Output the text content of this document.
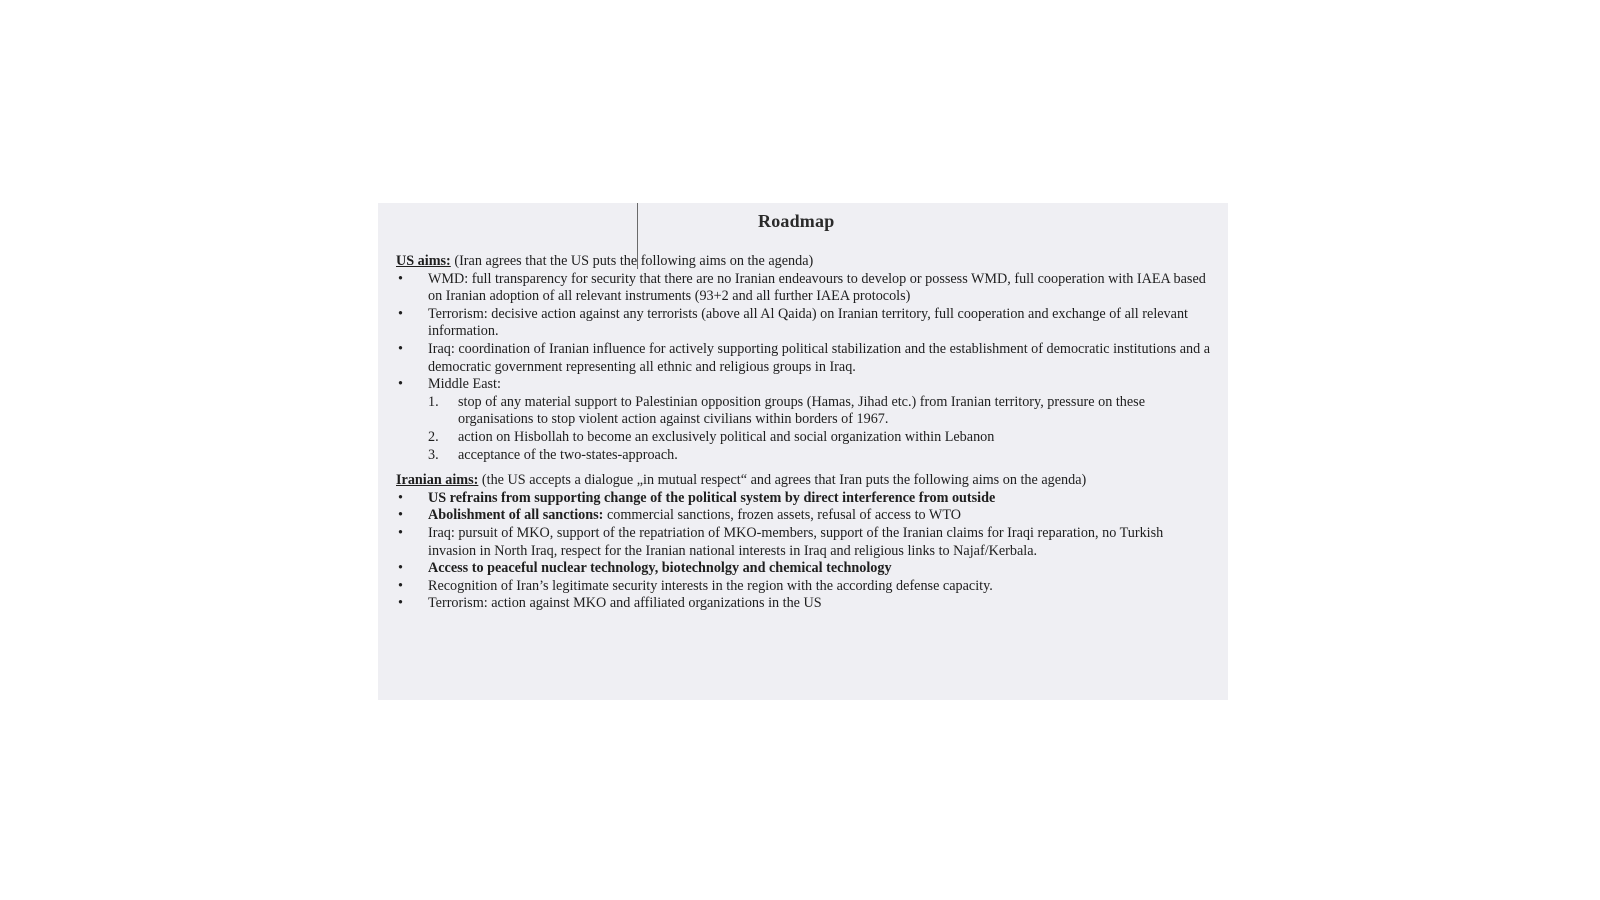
Roadmap

US aims: (Iran agrees that the US puts the following aims on the agenda)

• WMD: full transparency for security that there are no Iranian endeavours to develop or possess WMD, full cooperation with IAEA based on Iranian adoption of all relevant instruments (93+2 and all further IAEA protocols)
• Terrorism: decisive action against any terrorists (above all Al Qaida) on Iranian territory, full cooperation and exchange of all relevant information.
• Iraq: coordination of Iranian influence for actively supporting political stabilization and the establishment of democratic institutions and a democratic government representing all ethnic and religious groups in Iraq.
• Middle East:
1. stop of any material support to Palestinian opposition groups (Hamas, Jihad etc.) from Iranian territory, pressure on these organisations to stop violent action against civilians within borders of 1967.
2. action on Hisbollah to become an exclusively political and social organization within Lebanon
3. acceptance of the two-states-approach.

Iranian aims: (the US accepts a dialogue „in mutual respect“ and agrees that Iran puts the following aims on the agenda)

• US refrains from supporting change of the political system by direct interference from outside
• Abolishment of all sanctions: commercial sanctions, frozen assets, refusal of access to WTO
• Iraq: pursuit of MKO, support of the repatriation of MKO-members, support of the Iranian claims for Iraqi reparation, no Turkish invasion in North Iraq, respect for the Iranian national interests in Iraq and religious links to Najaf/Kerbala.
• Access to peaceful nuclear technology, biotechnolgy and chemical technology
• Recognition of Iran’s legitimate security interests in the region with the according defense capacity.
• Terrorism: action against MKO and affiliated organizations in the US
